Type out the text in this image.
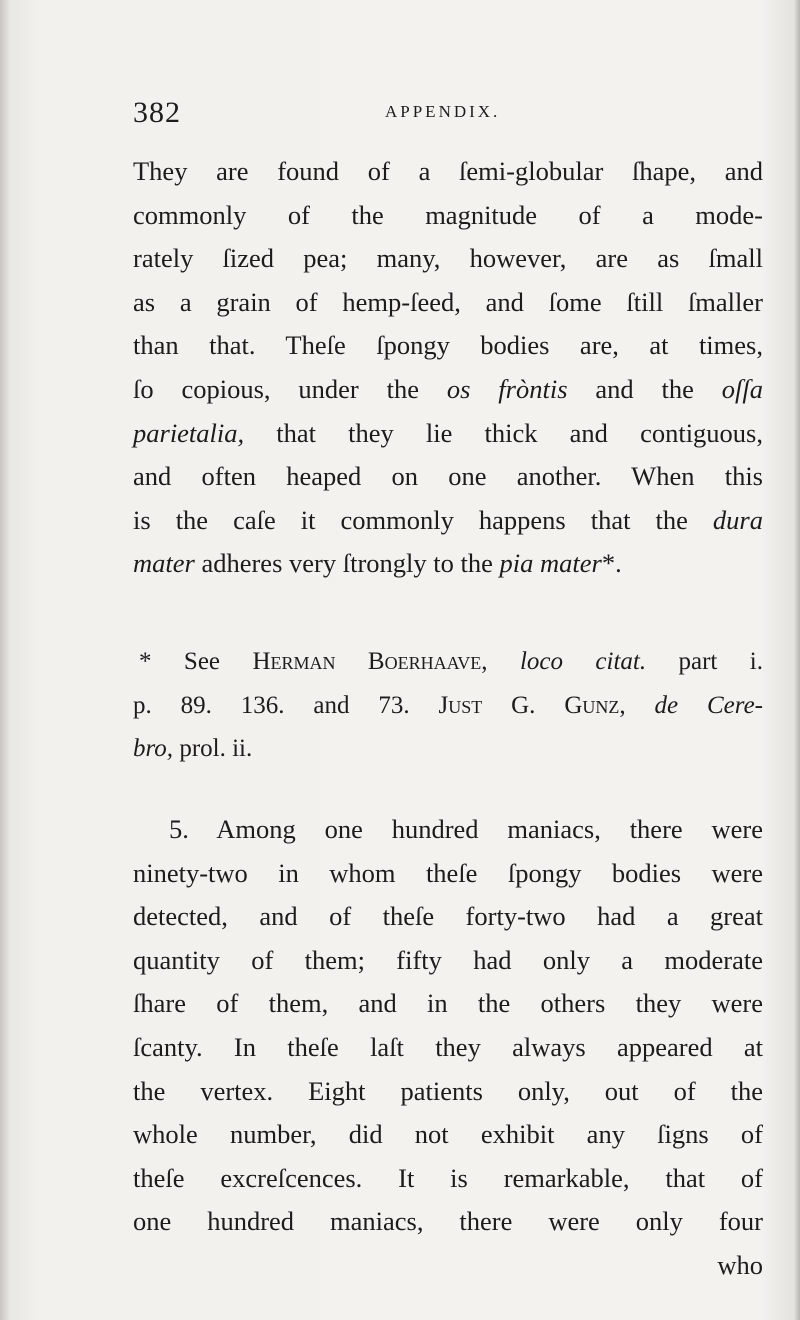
382	APPENDIX.
They are found of a ſemi-globular ſhape, and
commonly of the magnitude of a mode-
rately ſized pea; many, however, are as ſmall
as a grain of hemp-ſeed, and ſome ſtill ſmaller
than that. Theſe ſpongy bodies are, at times,
ſo copious, under the os fròntis and the oſſa
parietalia, that they lie thick and contiguous,
and often heaped on one another. When this
is the caſe it commonly happens that the dura
mater adheres very ſtrongly to the pia mater*.
* See Herman Boerhaave, loco citat. part i.
p. 89. 136. and 73. Just G. Gunz, de Cere-
bro, prol. ii.
5. Among one hundred maniacs, there were
ninety-two in whom theſe ſpongy bodies were
detected, and of theſe forty-two had a great
quantity of them; fifty had only a moderate
ſhare of them, and in the others they were
ſcanty. In theſe laſt they always appeared at
the vertex. Eight patients only, out of the
whole number, did not exhibit any ſigns of
theſe excreſcences. It is remarkable, that of
one hundred maniacs, there were only four
who
